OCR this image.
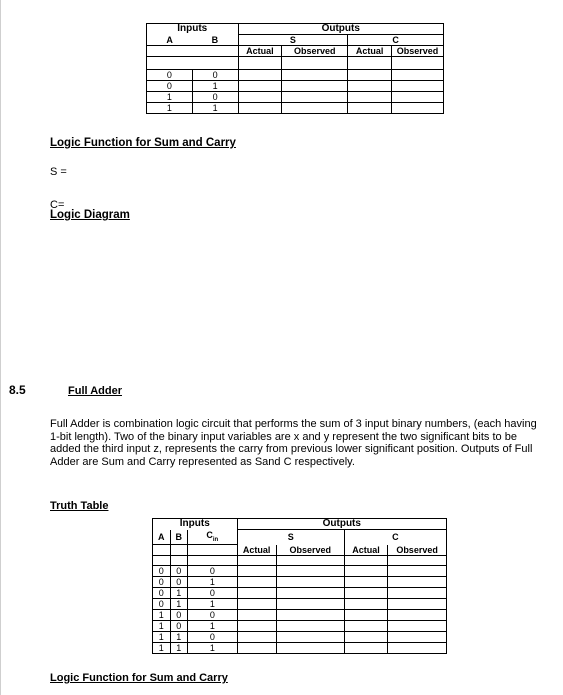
Inputs		Outputs			
A	B	S		C	
		Actual	Observed	Actual	Observed

0	0				
0	1				
1	0				
1	1				
Logic Function for Sum and Carry
S =
C=
Logic Diagram
8.5	Full Adder
Full Adder is combination logic circuit that performs the sum of 3 input binary numbers, (each having 1-bit length). Two of the binary input variables are x and y represent the two significant bits to be added the third input z, represents the carry from previous lower significant position. Outputs of Full Adder are Sum and Carry represented as Sand C respectively.
Truth Table
Inputs			Outputs			
A	B	$C_{in}$	S		C	
			Actual	Observed	Actual	Observed

0	0	0				
0	0	1				
0	1	0				
0	1	1				
1	0	0				
1	0	1				
1	1	0				
1	1	1				
Logic Function for Sum and Carry
